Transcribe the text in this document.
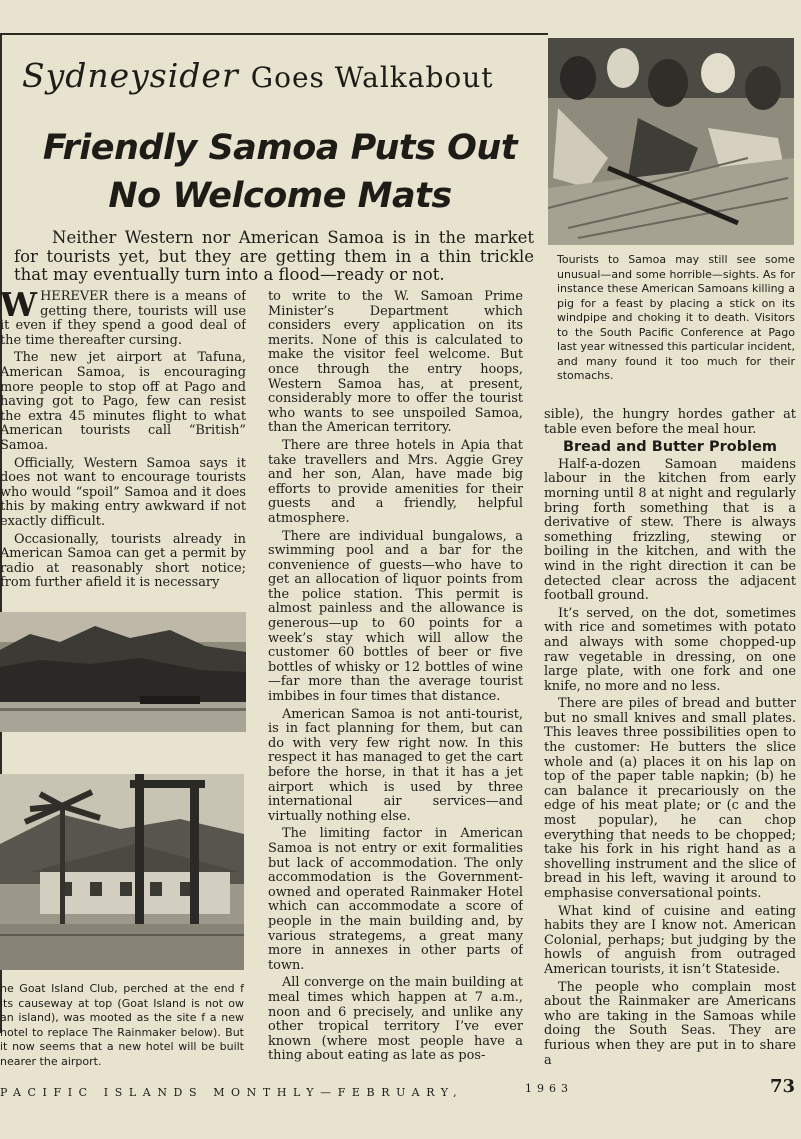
Sydneysider Goes Walkabout
Friendly Samoa Puts Out
No Welcome Mats
Neither Western nor American Samoa is in the market for tourists yet, but they are getting them in a thin trickle that may eventually turn into a flood—ready or not.

WHEREVER there is a means of getting there, tourists will use it even if they spend a good deal of the time thereafter cursing.

The new jet airport at Tafuna, American Samoa, is encouraging more people to stop off at Pago and having got to Pago, few can resist the extra 45 minutes flight to what American tourists call “British” Samoa.

Officially, Western Samoa says it does not want to encourage tourists who would “spoil” Samoa and it does this by making entry awkward if not exactly difficult.

Occasionally, tourists already in American Samoa can get a permit by radio at reasonably short notice; from further afield it is necessary

he Goat Island Club, perched at the end f its causeway at top (Goat Island is not ow an island), was mooted as the site f a new hotel to replace The Rainmaker below). But it now seems that a new hotel will be built nearer the airport.

to write to the W. Samoan Prime Minister’s Department which considers every application on its merits. None of this is calculated to make the visitor feel welcome. But once through the entry hoops, Western Samoa has, at present, considerably more to offer the tourist who wants to see unspoiled Samoa, than the American territory.

There are three hotels in Apia that take travellers and Mrs. Aggie Grey and her son, Alan, have made big efforts to provide amenities for their guests and a friendly, helpful atmosphere.

There are individual bungalows, a swimming pool and a bar for the convenience of guests—who have to get an allocation of liquor points from the police station. This permit is almost painless and the allowance is generous—up to 60 points for a week’s stay which will allow the customer 60 bottles of beer or five bottles of whisky or 12 bottles of wine—far more than the average tourist imbibes in four times that distance.

American Samoa is not anti-tourist, is in fact planning for them, but can do with very few right now. In this respect it has managed to get the cart before the horse, in that it has a jet airport which is used by three international air services—and virtually nothing else.

The limiting factor in American Samoa is not entry or exit formalities but lack of accommodation. The only accommodation is the Government-owned and operated Rainmaker Hotel which can accommodate a score of people in the main building and, by various strategems, a great many more in annexes in other parts of town.

All converge on the main building at meal times which happen at 7 a.m., noon and 6 precisely, and unlike any other tropical territory I’ve ever known (where most people have a thing about eating as late as pos-

Tourists to Samoa may still see some unusual—and some horrible—sights. As for instance these American Samoans killing a pig for a feast by placing a stick on its windpipe and choking it to death. Visitors to the South Pacific Conference at Pago last year witnessed this particular incident, and many found it too much for their stomachs.

sible), the hungry hordes gather at table even before the meal hour.

Bread and Butter Problem

Half-a-dozen Samoan maidens labour in the kitchen from early morning until 8 at night and regularly bring forth something that is a derivative of stew. There is always something frizzling, stewing or boiling in the kitchen, and with the wind in the right direction it can be detected clear across the adjacent football ground.

It’s served, on the dot, sometimes with rice and sometimes with potato and always with some chopped-up raw vegetable in dressing, on one large plate, with one fork and one knife, no more and no less.

There are piles of bread and butter but no small knives and small plates. This leaves three possibilities open to the customer: He butters the slice whole and (a) places it on his lap on top of the paper table napkin; (b) he can balance it precariously on the edge of his meat plate; or (c and the most popular), he can chop everything that needs to be chopped; take his fork in his right hand as a shovelling instrument and the slice of bread in his left, waving it around to emphasise conversational points.

What kind of cuisine and eating habits they are I know not. American Colonial, perhaps; but judging by the howls of anguish from outraged American tourists, it isn’t Stateside.

The people who complain most about the Rainmaker are Americans who are taking in the Samoas while doing the South Seas. They are furious when they are put in to share a

PACIFIC ISLANDS MONTHLY—FEBRUARY,	1963	73
